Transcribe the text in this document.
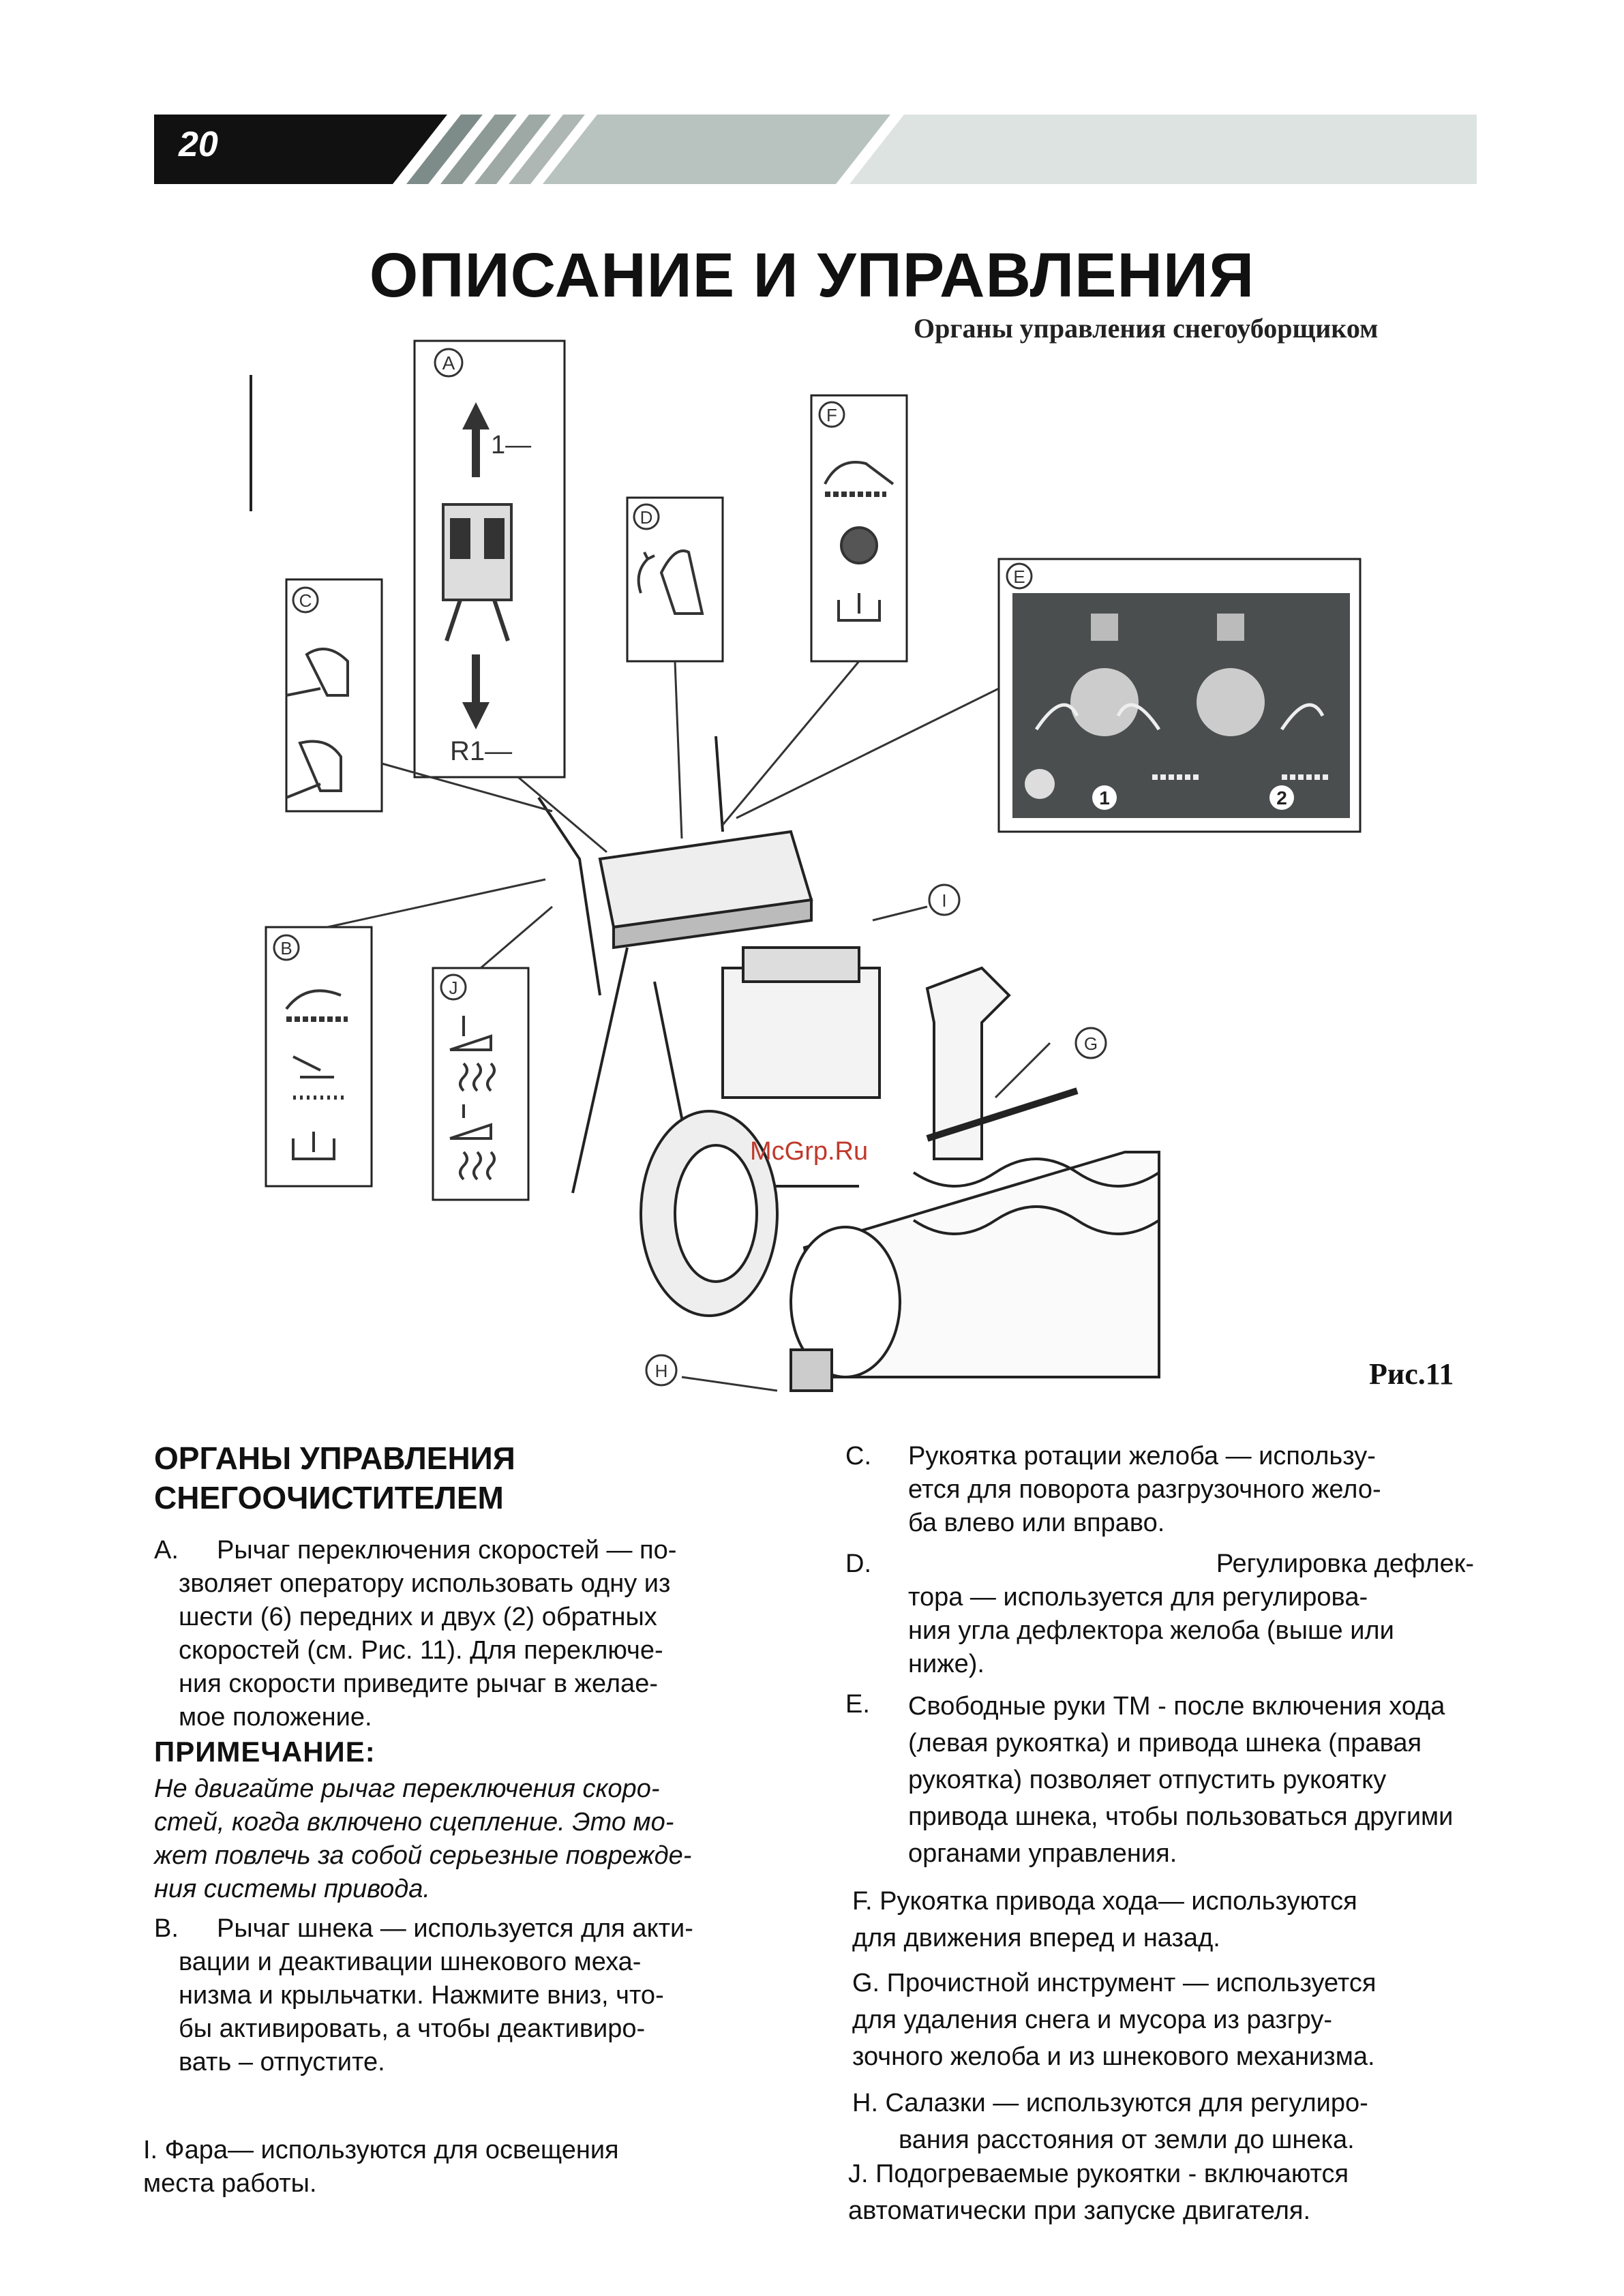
20
ОПИСАНИЕ И УПРАВЛЕНИЯ
Органы управления снегоуборщиком
A
1—
R1—
C
D
F
E
1	2
B
J
I
G
H
McGrp.Ru
Рис.11
ОРГАНЫ УПРАВЛЕНИЯ
СНЕГООЧИСТИТЕЛЕМ
A. Рычаг переключения скоростей — по-
зволяет оператору использовать одну из
шести (6) передних и двух (2) обратных
скоростей (см. Рис. 11). Для переключе-
ния скорости приведите рычаг в желае-
мое положение.
ПРИМЕЧАНИЕ:
Не двигайте рычаг переключения скоро-
стей, когда включено сцепление. Это мо-
жет повлечь за собой серьезные поврежде-
ния системы привода.
B. Рычаг шнека — используется для акти-
вации и деактивации шнекового меха-
низма и крыльчатки. Нажмите вниз, что-
бы активировать, а чтобы деактивиро-
вать – отпустите.
I. Фара— используются для освещения
места работы.
C. Рукоятка ротации желоба — использу-
ется для поворота разгрузочного жело-
ба влево или вправо.
D.	Регулировка дефлек-
тора — используется для регулирова-
ния угла дефлектора желоба (выше или
ниже).
E. Свободные руки ТМ - после включения хода
(левая рукоятка) и привода шнека (правая
рукоятка) позволяет отпустить рукоятку
привода шнека, чтобы пользоваться другими
органами управления.
F. Рукоятка привода хода— используются
для движения вперед и назад.
G. Прочистной инструмент — используется
для удаления снега и мусора из разгру-
зочного желоба и из шнекового механизма.
H. Салазки — используются для регулиро-
вания расстояния от земли до шнека.
J. Подогреваемые рукоятки - включаются
автоматически при запуске двигателя.
